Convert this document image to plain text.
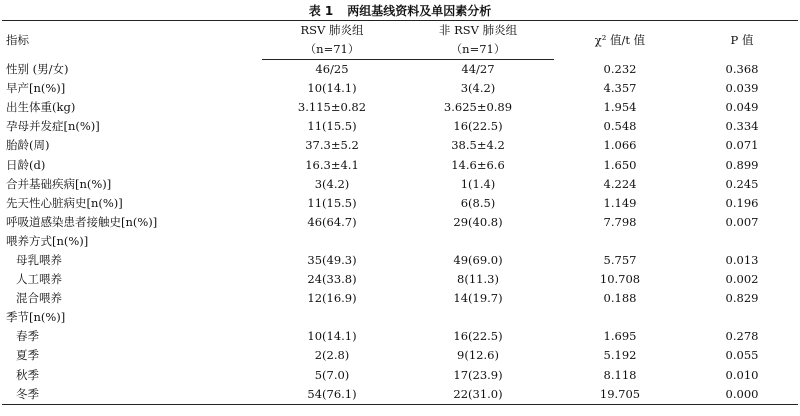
表 1 两组基线资料及单因素分析
指标	RSV 肺炎组	非 RSV 肺炎组	χ² 值/t 值	P 值
	（n=71）	（n=71）		
性别 (男/女)	46/25	44/27	0.232	0.368
早产[n(%)]	10(14.1)	3(4.2)	4.357	0.039
出生体重(kg)	3.115±0.82	3.625±0.89	1.954	0.049
孕母并发症[n(%)]	11(15.5)	16(22.5)	0.548	0.334
胎龄(周)	37.3±5.2	38.5±4.2	1.066	0.071
日龄(d)	16.3±4.1	14.6±6.6	1.650	0.899
合并基础疾病[n(%)]	3(4.2)	1(1.4)	4.224	0.245
先天性心脏病史[n(%)]	11(15.5)	6(8.5)	1.149	0.196
呼吸道感染患者接触史[n(%)]	46(64.7)	29(40.8)	7.798	0.007
喂养方式[n(%)]				
母乳喂养	35(49.3)	49(69.0)	5.757	0.013
人工喂养	24(33.8)	8(11.3)	10.708	0.002
混合喂养	12(16.9)	14(19.7)	0.188	0.829
季节[n(%)]				
春季	10(14.1)	16(22.5)	1.695	0.278
夏季	2(2.8)	9(12.6)	5.192	0.055
秋季	5(7.0)	17(23.9)	8.118	0.010
冬季	54(76.1)	22(31.0)	19.705	0.000
